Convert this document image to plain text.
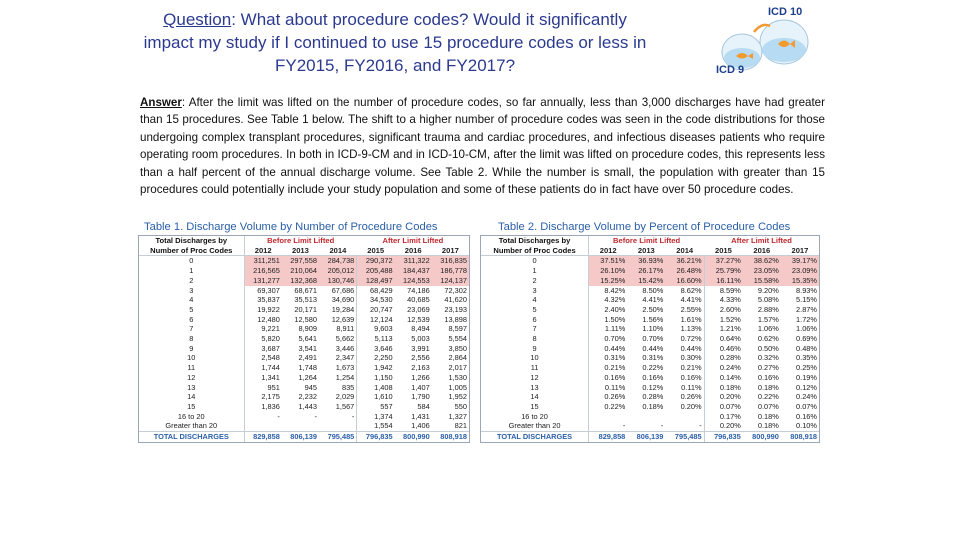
Question: What about procedure codes? Would it significantly impact my study if I continued to use 15 procedure codes or less in FY2015, FY2016, and FY2017?
ICD 10
ICD 9
Answer: After the limit was lifted on the number of procedure codes, so far annually, less than 3,000 discharges have had greater than 15 procedures. See Table 1 below. The shift to a higher number of procedure codes was seen in the code distributions for those undergoing complex transplant procedures, significant trauma and cardiac procedures, and infectious diseases patients who require operating room procedures. In both in ICD-9-CM and in ICD-10-CM, after the limit was lifted on procedure codes, this represents less than a half percent of the annual discharge volume. See Table 2. While the number is small, the population with greater than 15 procedures could potentially include your study population and some of these patients do in fact have over 50 procedure codes.
Table 1. Discharge Volume by Number of Procedure Codes
Total Discharges by	Before Limit Lifted			After Limit Lifted		
Number of Proc Codes	2012	2013	2014	2015	2016	2017
0	311,251	297,558	284,738	290,372	311,322	316,835
1	216,565	210,064	205,012	205,488	184,437	186,778
2	131,277	132,368	130,746	128,497	124,553	124,137
3	69,307	68,671	67,686	68,429	74,186	72,302
4	35,837	35,513	34,690	34,530	40,685	41,620
5	19,922	20,171	19,284	20,747	23,069	23,193
6	12,480	12,580	12,639	12,124	12,539	13,898
7	9,221	8,909	8,911	9,603	8,494	8,597
8	5,820	5,641	5,662	5,113	5,003	5,554
9	3,687	3,541	3,446	3,646	3,991	3,850
10	2,548	2,491	2,347	2,250	2,556	2,864
11	1,744	1,748	1,673	1,942	2,163	2,017
12	1,341	1,264	1,254	1,150	1,266	1,530
13	951	945	835	1,408	1,407	1,005
14	2,175	2,232	2,029	1,610	1,790	1,952
15	1,836	1,443	1,567	557	584	550
16 to 20	-	-	-	1,374	1,431	1,327
Greater than 20				1,554	1,406	821
TOTAL DISCHARGES	829,858	806,139	795,485	796,835	800,990	808,918
Table 2. Discharge Volume by Percent of Procedure Codes
Total Discharges by	Before Limit Lifted			After Limit Lifted		
Number of Proc Codes	2012	2013	2014	2015	2016	2017
0	37.51%	36.93%	36.21%	37.27%	38.62%	39.17%
1	26.10%	26.17%	26.48%	25.79%	23.05%	23.09%
2	15.25%	15.42%	16.60%	16.11%	15.58%	15.35%
3	8.42%	8.50%	8.62%	8.59%	9.20%	8.93%
4	4.32%	4.41%	4.41%	4.33%	5.08%	5.15%
5	2.40%	2.50%	2.55%	2.60%	2.88%	2.87%
6	1.50%	1.56%	1.61%	1.52%	1.57%	1.72%
7	1.11%	1.10%	1.13%	1.21%	1.06%	1.06%
8	0.70%	0.70%	0.72%	0.64%	0.62%	0.69%
9	0.44%	0.44%	0.44%	0.46%	0.50%	0.48%
10	0.31%	0.31%	0.30%	0.28%	0.32%	0.35%
11	0.21%	0.22%	0.21%	0.24%	0.27%	0.25%
12	0.16%	0.16%	0.16%	0.14%	0.16%	0.19%
13	0.11%	0.12%	0.11%	0.18%	0.18%	0.12%
14	0.26%	0.28%	0.26%	0.20%	0.22%	0.24%
15	0.22%	0.18%	0.20%	0.07%	0.07%	0.07%
16 to 20				0.17%	0.18%	0.16%
Greater than 20	-	-	-	0.20%	0.18%	0.10%
TOTAL DISCHARGES	829,858	806,139	795,485	796,835	800,990	808,918
